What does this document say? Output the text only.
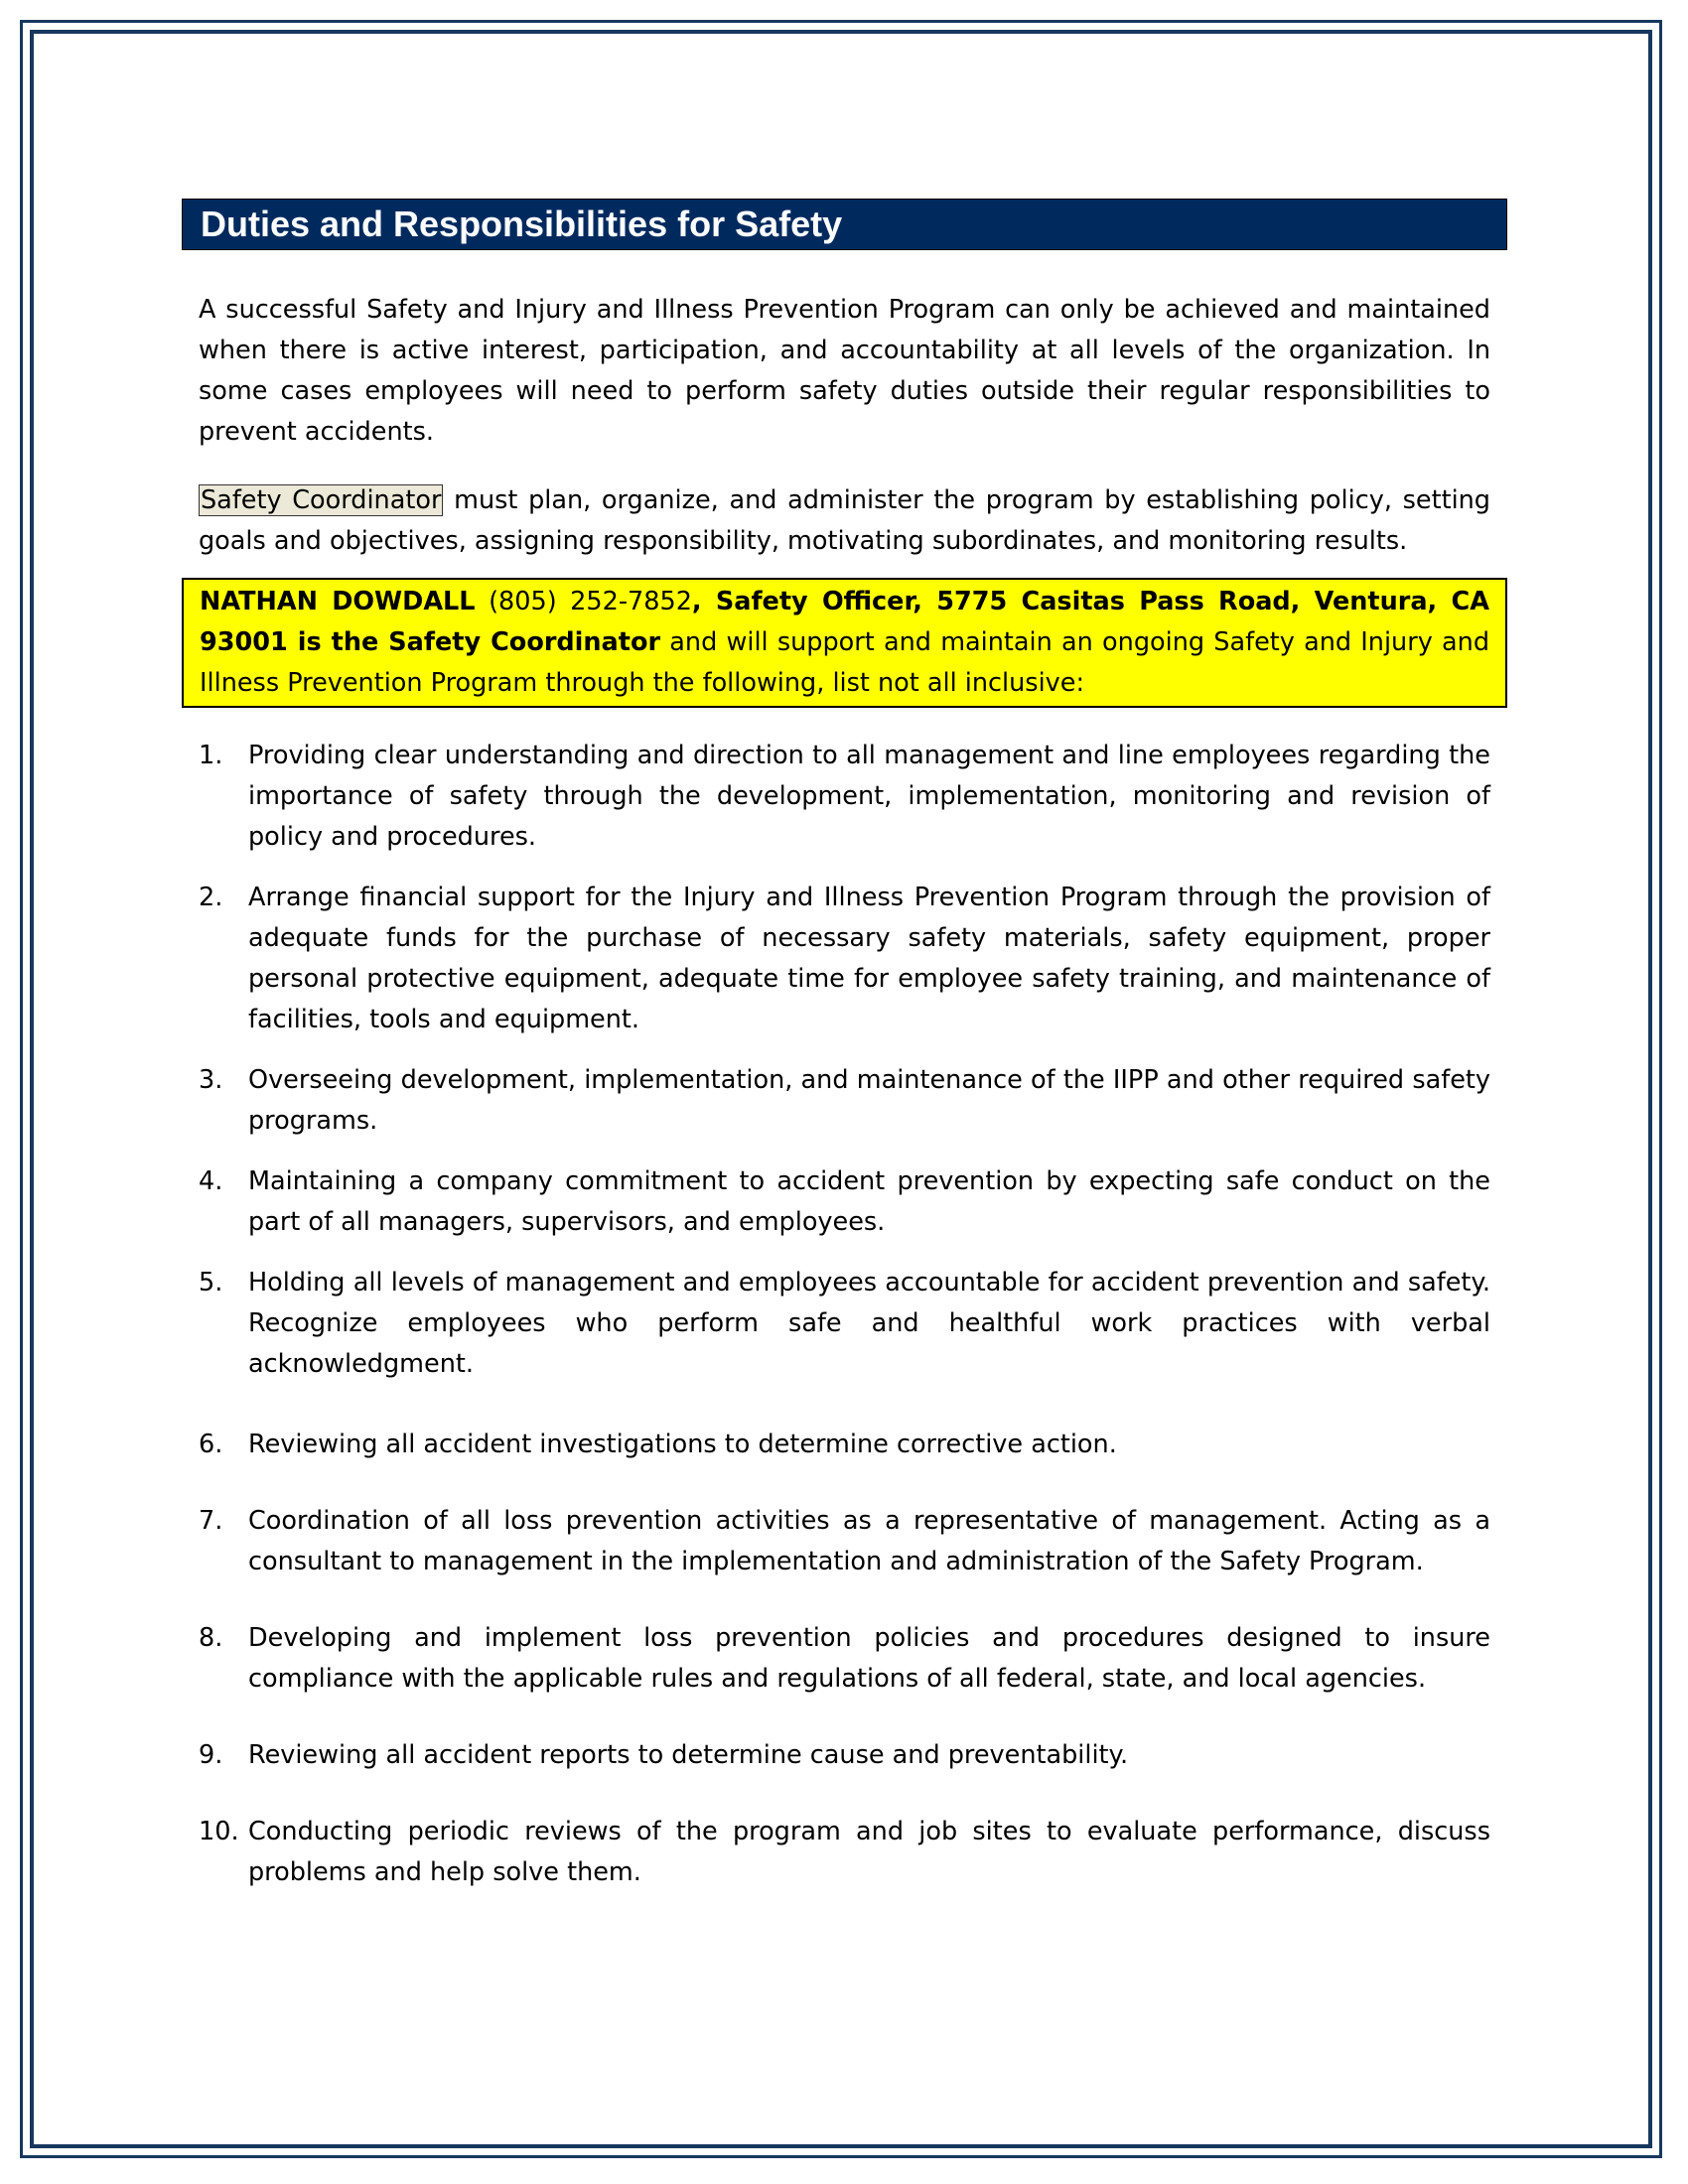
Duties and Responsibilities for Safety

A successful Safety and Injury and Illness Prevention Program can only be achieved and maintained when there is active interest, participation, and accountability at all levels of the organization. In some cases employees will need to perform safety duties outside their regular responsibilities to prevent accidents.

Safety Coordinator must plan, organize, and administer the program by establishing policy, setting goals and objectives, assigning responsibility, motivating subordinates, and monitoring results.

NATHAN DOWDALL (805) 252-7852, Safety Officer, 5775 Casitas Pass Road, Ventura, CA 93001 is the Safety Coordinator and will support and maintain an ongoing Safety and Injury and Illness Prevention Program through the following, list not all inclusive:

1.	Providing clear understanding and direction to all management and line employees regarding the importance of safety through the development, implementation, monitoring and revision of policy and procedures.
2.	Arrange financial support for the Injury and Illness Prevention Program through the provision of adequate funds for the purchase of necessary safety materials, safety equipment, proper personal protective equipment, adequate time for employee safety training, and maintenance of facilities, tools and equipment.
3.	Overseeing development, implementation, and maintenance of the IIPP and other required safety programs.
4.	Maintaining a company commitment to accident prevention by expecting safe conduct on the part of all managers, supervisors, and employees.
5.	Holding all levels of management and employees accountable for accident prevention and safety. Recognize employees who perform safe and healthful work practices with verbal acknowledgment.
6.	Reviewing all accident investigations to determine corrective action.
7.	Coordination of all loss prevention activities as a representative of management. Acting as a consultant to management in the implementation and administration of the Safety Program.
8.	Developing and implement loss prevention policies and procedures designed to insure compliance with the applicable rules and regulations of all federal, state, and local agencies.
9.	Reviewing all accident reports to determine cause and preventability.
10. Conducting periodic reviews of the program and job sites to evaluate performance, discuss problems and help solve them.
